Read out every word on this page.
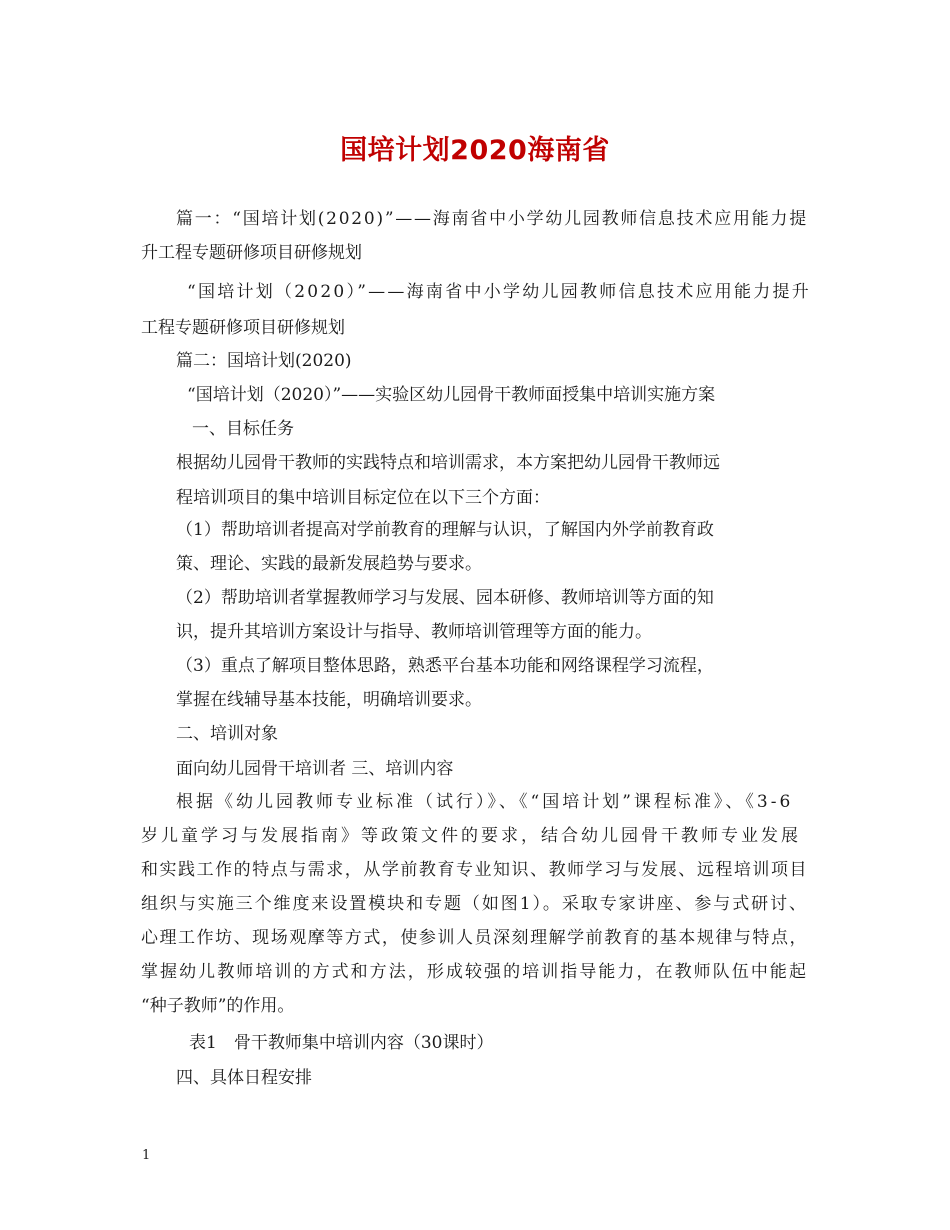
国培计划2020海南省
篇一：“国培计划(2020)”——海南省中小学幼儿园教师信息技术应用能力提
升工程专题研修项目研修规划
“国培计划（2020）”——海南省中小学幼儿园教师信息技术应用能力提升
工程专题研修项目研修规划
篇二：国培计划(2020)
“国培计划（2020）”——实验区幼儿园骨干教师面授集中培训实施方案
一、目标任务
根据幼儿园骨干教师的实践特点和培训需求，本方案把幼儿园骨干教师远
程培训项目的集中培训目标定位在以下三个方面：
（1）帮助培训者提高对学前教育的理解与认识，了解国内外学前教育政
策、理论、实践的最新发展趋势与要求。
（2）帮助培训者掌握教师学习与发展、园本研修、教师培训等方面的知
识，提升其培训方案设计与指导、教师培训管理等方面的能力。
（3）重点了解项目整体思路，熟悉平台基本功能和网络课程学习流程，
掌握在线辅导基本技能，明确培训要求。
二、培训对象
面向幼儿园骨干培训者 三、培训内容
根据《幼儿园教师专业标准（试行）》、《“国培计划”课程标准》、《3-6
岁儿童学习与发展指南》等政策文件的要求，结合幼儿园骨干教师专业发展
和实践工作的特点与需求，从学前教育专业知识、教师学习与发展、远程培训项目
组织与实施三个维度来设置模块和专题（如图1）。采取专家讲座、参与式研讨、
心理工作坊、现场观摩等方式，使参训人员深刻理解学前教育的基本规律与特点，
掌握幼儿教师培训的方式和方法，形成较强的培训指导能力，在教师队伍中能起
“种子教师”的作用。
表1　骨干教师集中培训内容（30课时）
四、具体日程安排
1
